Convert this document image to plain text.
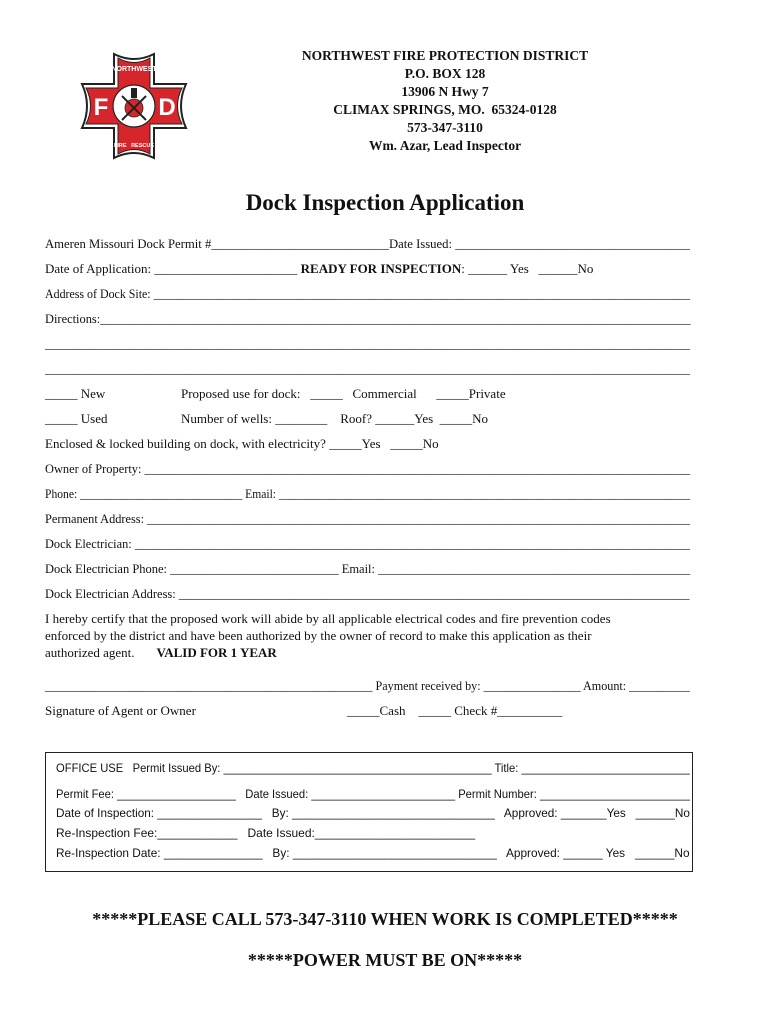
NORTHWEST
F D
FIRE   RESCUE
NORTHWEST FIRE PROTECTION DISTRICT
P.O. BOX 128
13906 N Hwy 7
CLIMAX SPRINGS, MO.  65324-0128
573-347-3110
Wm. Azar, Lead Inspector
Dock Inspection Application
Ameren Missouri Dock Permit #____________________________Date Issued: _____________________________________
Date of Application: ______________________ READY FOR INSPECTION: ______ Yes   ______No
Address of Dock Site: __________________________________________________________________________________________
Directions:_______________________________________________________________________________________________
__________________________________________________________________________________________________________
__________________________________________________________________________________________________________
_____ New	Proposed use for dock:   _____   Commercial      _____Private
_____ Used	Number of wells: ________    Roof? ______Yes  _____No
Enclosed & locked building on dock, with electricity? _____Yes   _____No
Owner of Property: ________________________________________________________________________________________
Phone: ____________________________ Email: _______________________________________________________________________
Permanent Address: ________________________________________________________________________________________
Dock Electrician: __________________________________________________________________________________________
Dock Electrician Phone: ___________________________ Email: __________________________________________________
Dock Electrician Address: __________________________________________________________________________________
I hereby certify that the proposed work will abide by all applicable electrical codes and fire prevention codes
enforced by the district and have been authorized by the owner of record to make this application as their
authorized agent. VALID FOR 1 YEAR
______________________________________________________ Payment received by: ________________ Amount: __________
Signature of Agent or Owner	_____Cash    _____ Check #__________
OFFICE USE   Permit Issued By: ___________________________________________ Title: ___________________________
Permit Fee: ___________________   Date Issued: _______________________ Permit Number: ________________________
Date of Inspection: ________________   By: _______________________________   Approved: _______Yes   ______No
Re-Inspection Fee:____________   Date Issued:________________________
Re-Inspection Date: _______________   By: _______________________________   Approved: ______ Yes   ______No
*****PLEASE CALL 573-347-3110 WHEN WORK IS COMPLETED*****
*****POWER MUST BE ON*****
